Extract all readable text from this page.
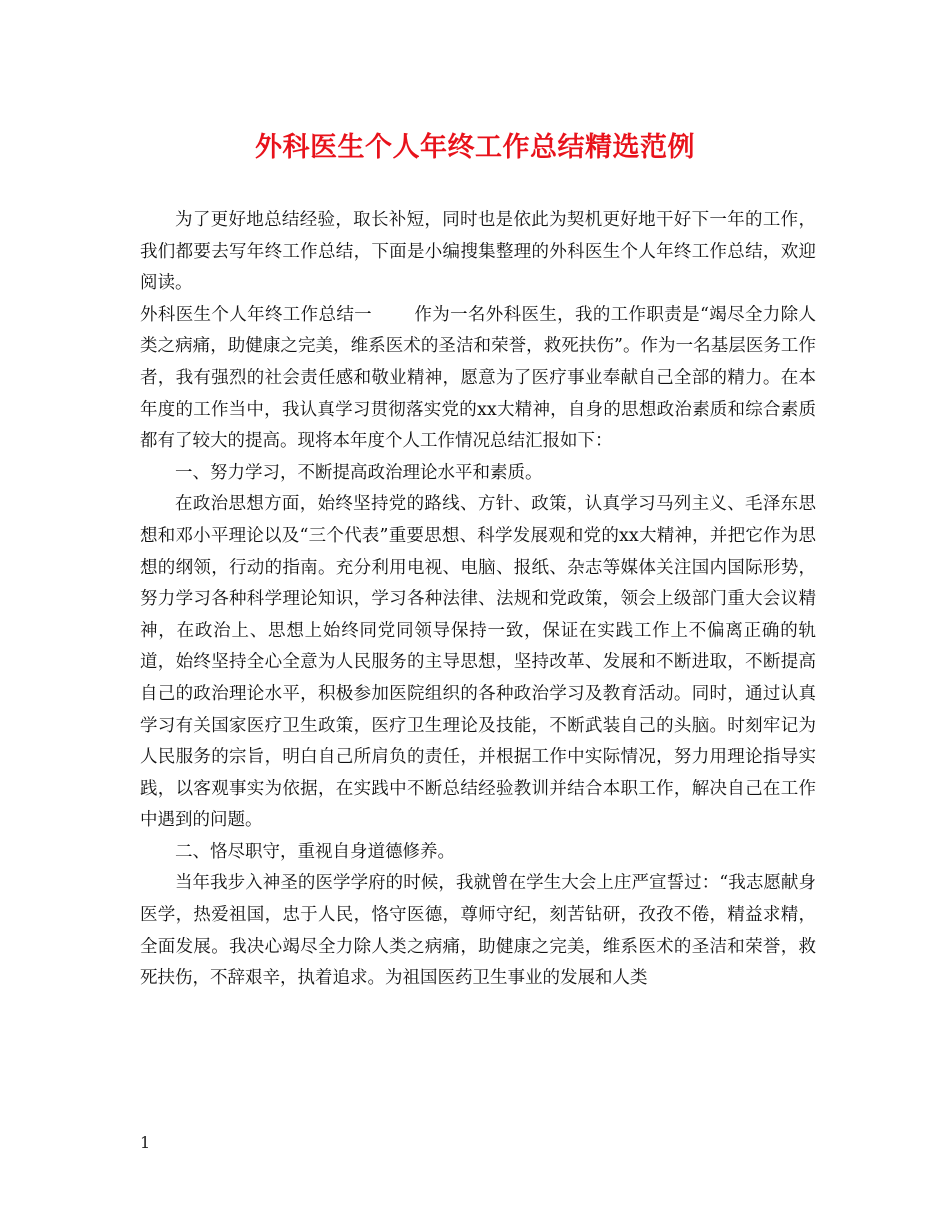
外科医生个人年终工作总结精选范例

为了更好地总结经验，取长补短，同时也是依此为契机更好地干好下一年的工作，我们都要去写年终工作总结，下面是小编搜集整理的外科医生个人年终工作总结，欢迎阅读。

外科医生个人年终工作总结一 作为一名外科医生，我的工作职责是“竭尽全力除人类之病痛，助健康之完美，维系医术的圣洁和荣誉，救死扶伤”。作为一名基层医务工作者，我有强烈的社会责任感和敬业精神，愿意为了医疗事业奉献自己全部的精力。在本年度的工作当中，我认真学习贯彻落实党的xx大精神，自身的思想政治素质和综合素质都有了较大的提高。现将本年度个人工作情况总结汇报如下：

一、努力学习，不断提高政治理论水平和素质。

在政治思想方面，始终坚持党的路线、方针、政策，认真学习马列主义、毛泽东思想和邓小平理论以及“三个代表”重要思想、科学发展观和党的xx大精神，并把它作为思想的纲领，行动的指南。充分利用电视、电脑、报纸、杂志等媒体关注国内国际形势，努力学习各种科学理论知识，学习各种法律、法规和党政策，领会上级部门重大会议精神，在政治上、思想上始终同党同领导保持一致，保证在实践工作上不偏离正确的轨道，始终坚持全心全意为人民服务的主导思想，坚持改革、发展和不断进取，不断提高自己的政治理论水平，积极参加医院组织的各种政治学习及教育活动。同时，通过认真学习有关国家医疗卫生政策，医疗卫生理论及技能，不断武装自己的头脑。时刻牢记为人民服务的宗旨，明白自己所肩负的责任，并根据工作中实际情况，努力用理论指导实践，以客观事实为依据，在实践中不断总结经验教训并结合本职工作，解决自己在工作中遇到的问题。

二、恪尽职守，重视自身道德修养。

当年我步入神圣的医学学府的时候，我就曾在学生大会上庄严宣誓过：“我志愿献身医学，热爱祖国，忠于人民，恪守医德，尊师守纪，刻苦钻研，孜孜不倦，精益求精，全面发展。我决心竭尽全力除人类之病痛，助健康之完美，维系医术的圣洁和荣誉，救死扶伤，不辞艰辛，执着追求。为祖国医药卫生事业的发展和人类

1
